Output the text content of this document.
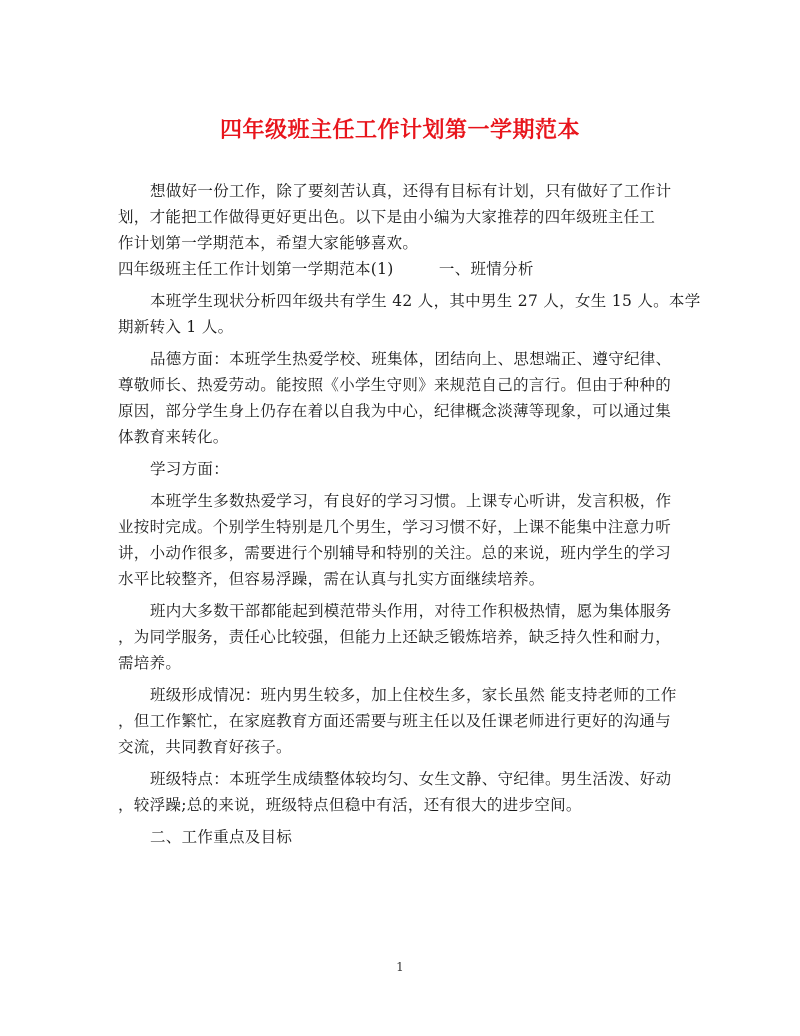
四年级班主任工作计划第一学期范本
想做好一份工作，除了要刻苦认真，还得有目标有计划，只有做好了工作计
划，才能把工作做得更好更出色。以下是由小编为大家推荐的四年级班主任工
作计划第一学期范本，希望大家能够喜欢。
四年级班主任工作计划第一学期范本(1)	一、班情分析
本班学生现状分析四年级共有学生 42 人，其中男生 27 人，女生 15 人。本学
期新转入 1 人。
品德方面：本班学生热爱学校、班集体，团结向上、思想端正、遵守纪律、
尊敬师长、热爱劳动。能按照《小学生守则》来规范自己的言行。但由于种种的
原因，部分学生身上仍存在着以自我为中心，纪律概念淡薄等现象，可以通过集
体教育来转化。
学习方面：
本班学生多数热爱学习，有良好的学习习惯。上课专心听讲，发言积极，作
业按时完成。个别学生特别是几个男生，学习习惯不好，上课不能集中注意力听
讲，小动作很多，需要进行个别辅导和特别的关注。总的来说，班内学生的学习
水平比较整齐，但容易浮躁，需在认真与扎实方面继续培养。
班内大多数干部都能起到模范带头作用，对待工作积极热情，愿为集体服务
，为同学服务，责任心比较强，但能力上还缺乏锻炼培养，缺乏持久性和耐力，
需培养。
班级形成情况：班内男生较多，加上住校生多，家长虽然 能支持老师的工作
，但工作繁忙，在家庭教育方面还需要与班主任以及任课老师进行更好的沟通与
交流，共同教育好孩子。
班级特点：本班学生成绩整体较均匀、女生文静、守纪律。男生活泼、好动
，较浮躁;总的来说，班级特点但稳中有活，还有很大的进步空间。
二、工作重点及目标
1
